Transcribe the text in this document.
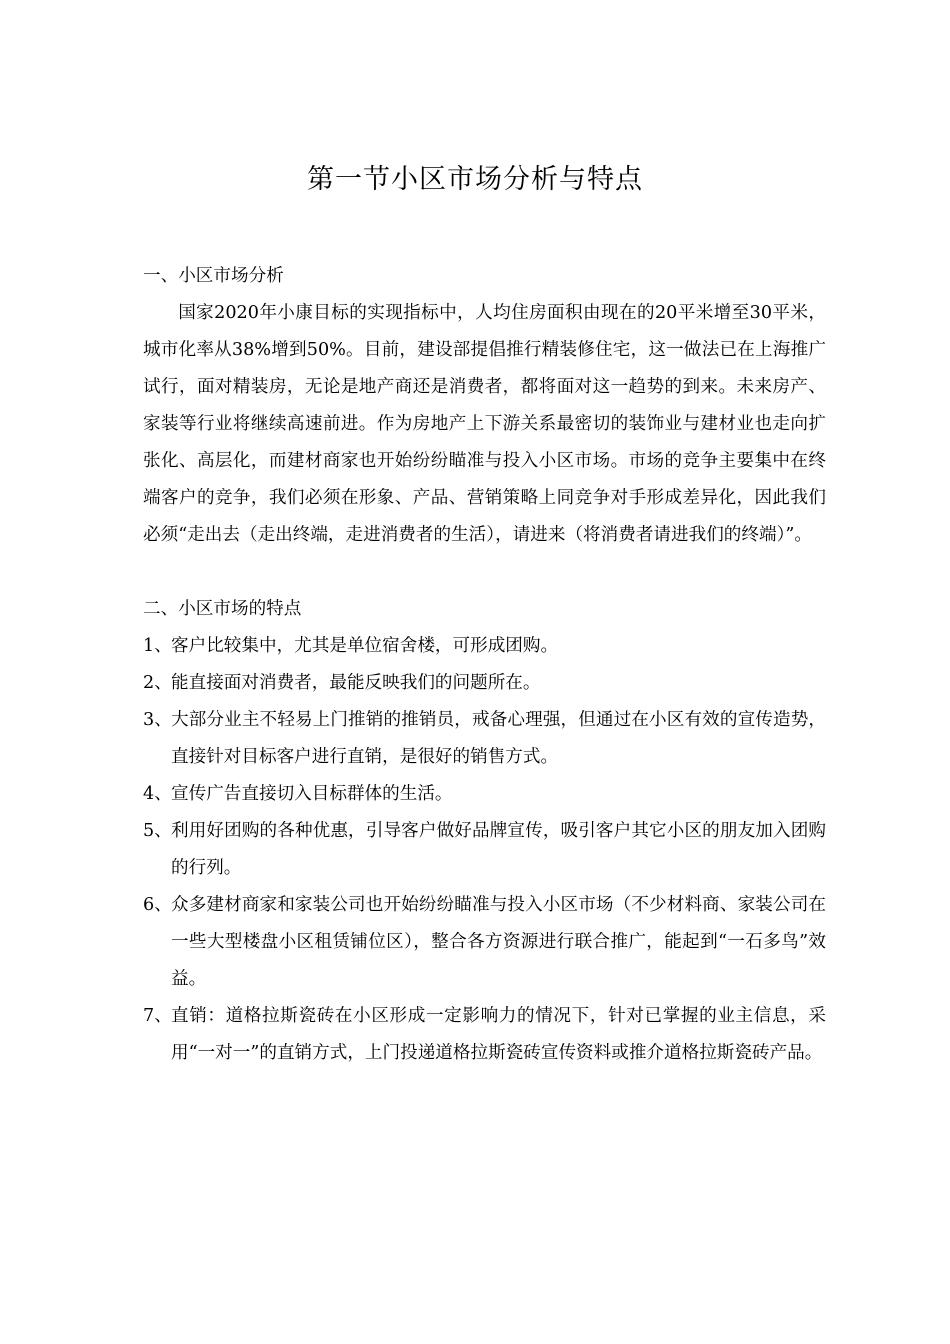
第一节小区市场分析与特点

一、小区市场分析

国家2020年小康目标的实现指标中，人均住房面积由现在的20平米增至30平米，城市化率从38%增到50%。目前，建设部提倡推行精装修住宅，这一做法已在上海推广试行，面对精装房，无论是地产商还是消费者，都将面对这一趋势的到来。未来房产、家装等行业将继续高速前进。作为房地产上下游关系最密切的装饰业与建材业也走向扩张化、高层化，而建材商家也开始纷纷瞄准与投入小区市场。市场的竞争主要集中在终端客户的竞争，我们必须在形象、产品、营销策略上同竞争对手形成差异化，因此我们必须“走出去（走出终端，走进消费者的生活），请进来（将消费者请进我们的终端）”。

二、小区市场的特点

1、 客户比较集中，尤其是单位宿舍楼，可形成团购。
2、 能直接面对消费者，最能反映我们的问题所在。
3、 大部分业主不轻易上门推销的推销员，戒备心理强，但通过在小区有效的宣传造势，直接针对目标客户进行直销，是很好的销售方式。
4、 宣传广告直接切入目标群体的生活。
5、 利用好团购的各种优惠，引导客户做好品牌宣传，吸引客户其它小区的朋友加入团购的行列。
6、 众多建材商家和家装公司也开始纷纷瞄准与投入小区市场（不少材料商、家装公司在一些大型楼盘小区租赁铺位区），整合各方资源进行联合推广，能起到“一石多鸟”效益。
7、 直销：道格拉斯瓷砖在小区形成一定影响力的情况下，针对已掌握的业主信息，采用“一对一”的直销方式，上门投递道格拉斯瓷砖宣传资料或推介道格拉斯瓷砖产品。
